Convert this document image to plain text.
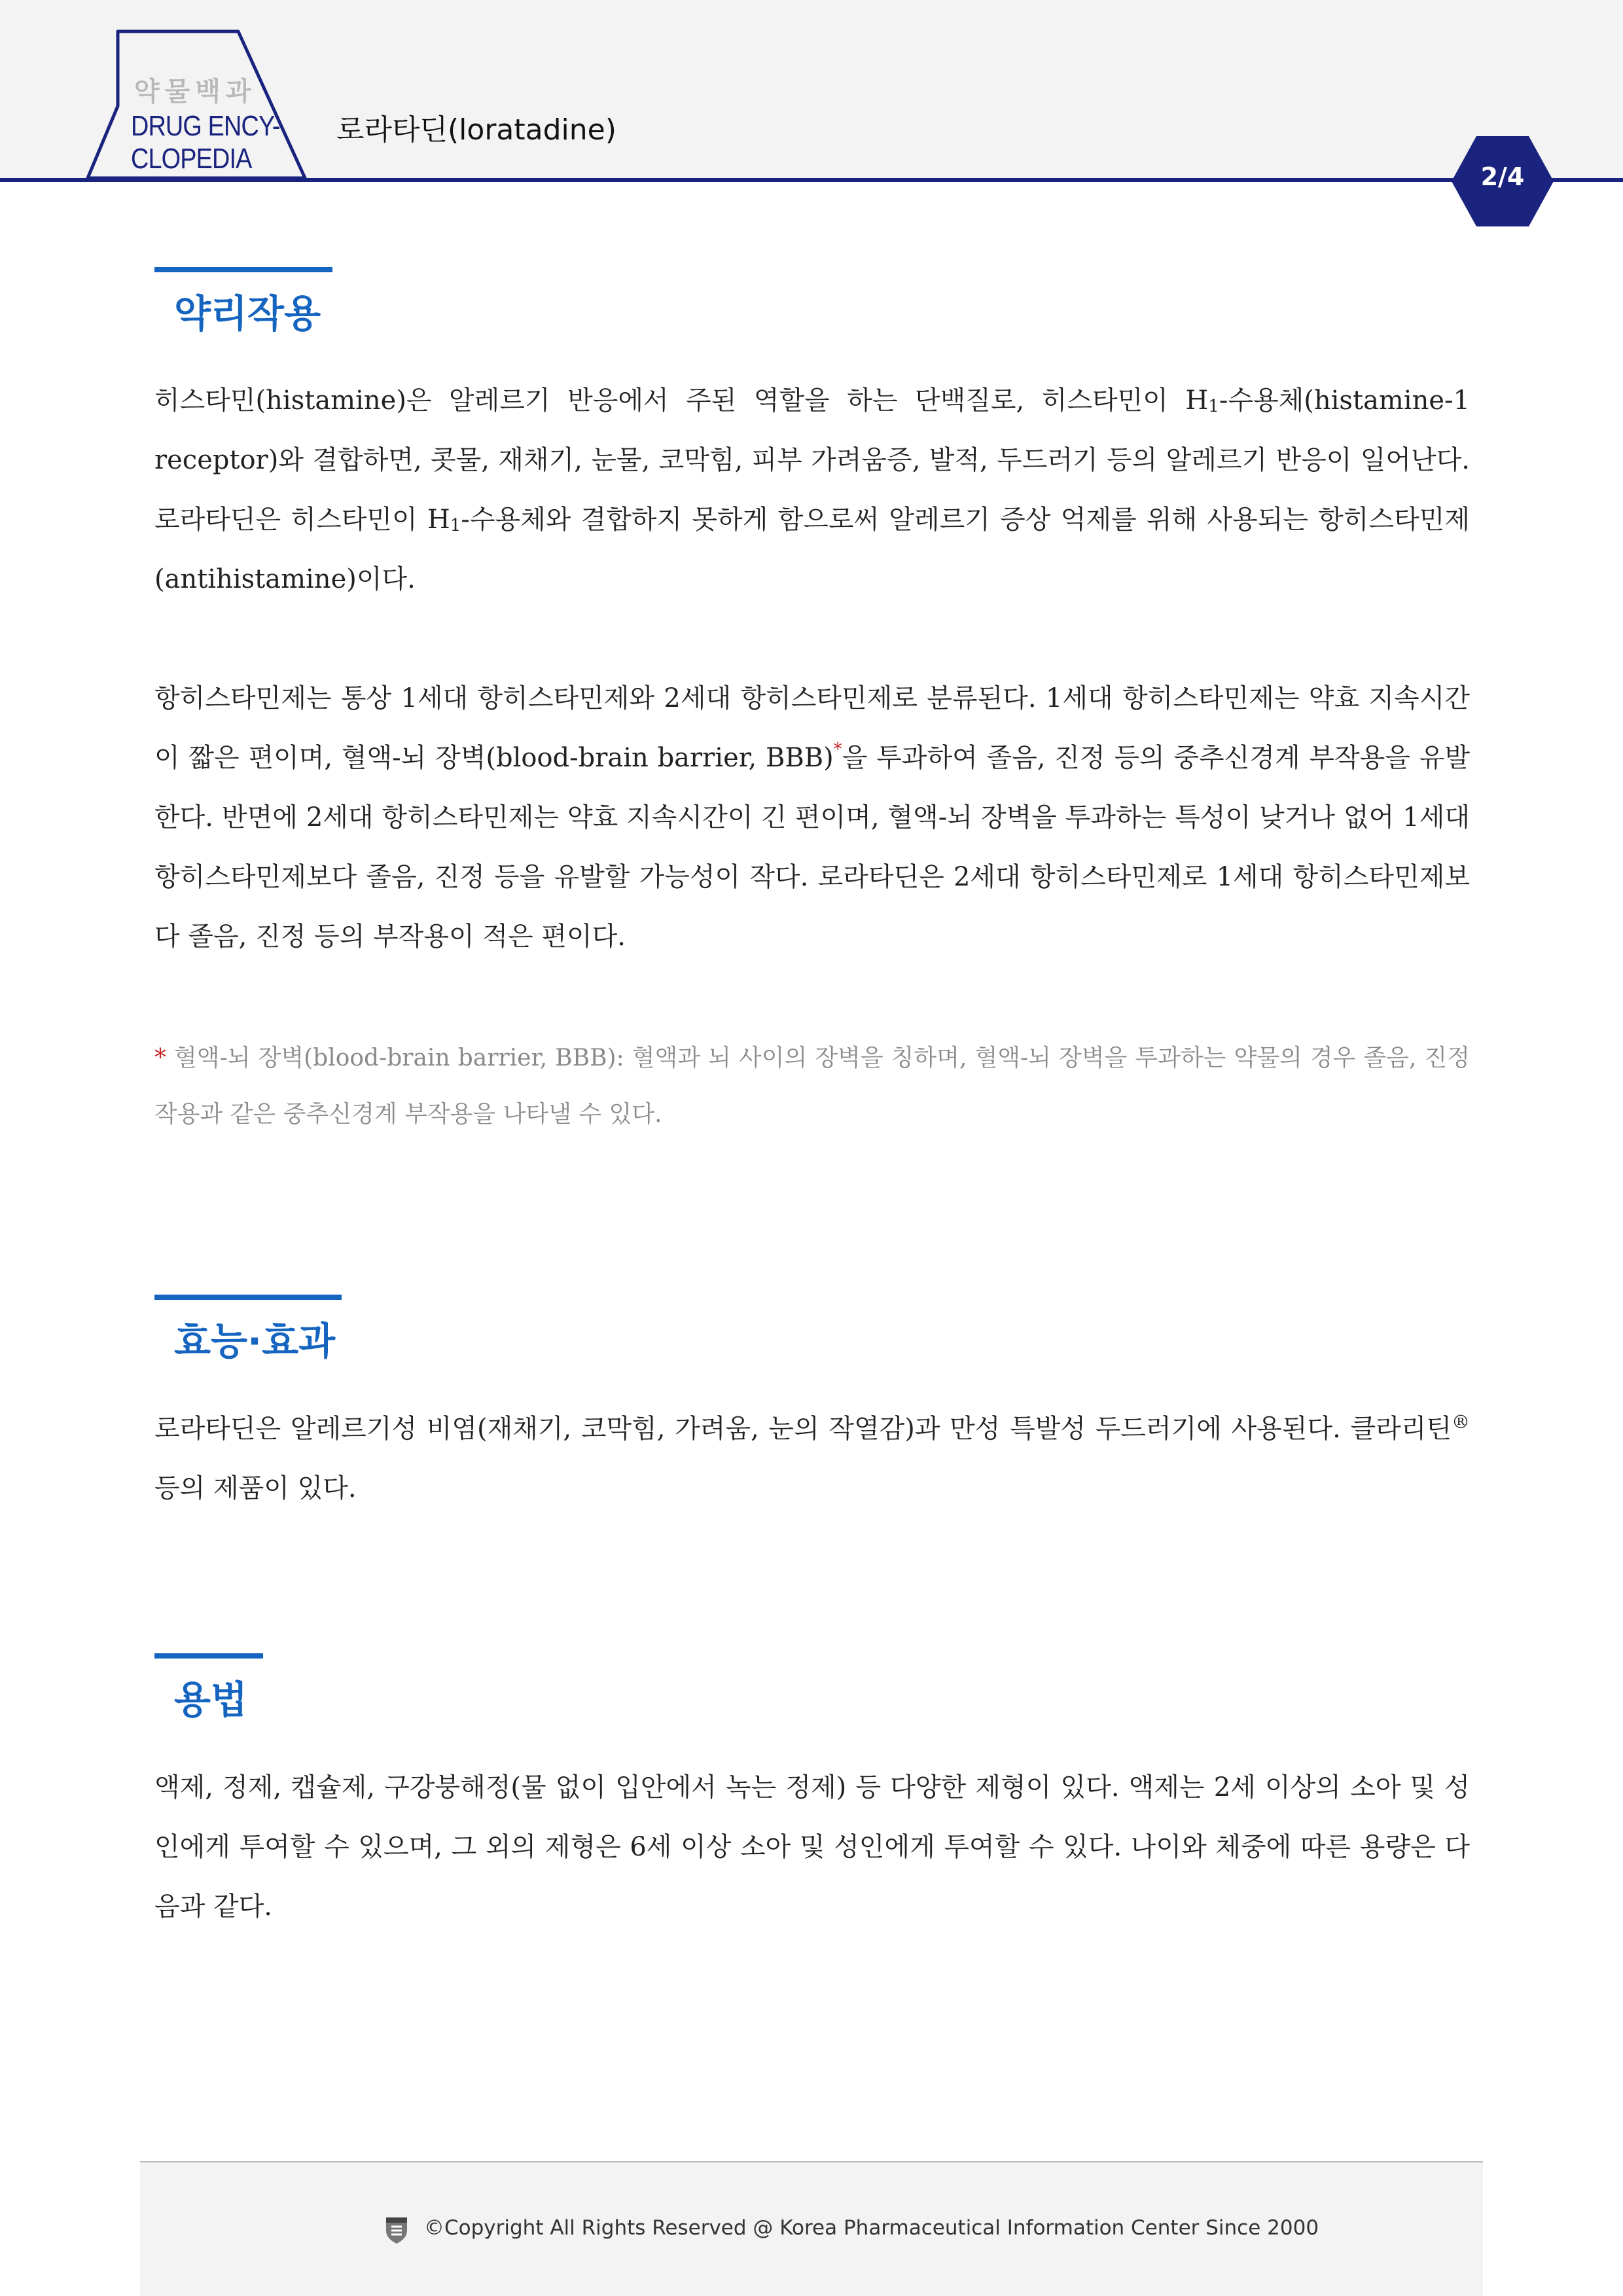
약물백과
DRUG ENCY-
CLOPEDIA
로라타딘(loratadine)
2/4
약리작용
히스타민(histamine)은 알레르기 반응에서 주된 역할을 하는 단백질로, 히스타민이 H1-수용체(histamine-1 receptor)와 결합하면, 콧물, 재채기, 눈물, 코막힘, 피부 가려움증, 발적, 두드러기 등의 알레르기 반응이 일어난다. 로라타딘은 히스타민이 H1-수용체와 결합하지 못하게 함으로써 알레르기 증상 억제를 위해 사용되는 항히스타민제(antihistamine)이다.
항히스타민제는 통상 1세대 항히스타민제와 2세대 항히스타민제로 분류된다. 1세대 항히스타민제는 약효 지속시간이 짧은 편이며, 혈액-뇌 장벽(blood-brain barrier, BBB)*을 투과하여 졸음, 진정 등의 중추신경계 부작용을 유발한다. 반면에 2세대 항히스타민제는 약효 지속시간이 긴 편이며, 혈액-뇌 장벽을 투과하는 특성이 낮거나 없어 1세대 항히스타민제보다 졸음, 진정 등을 유발할 가능성이 작다. 로라타딘은 2세대 항히스타민제로 1세대 항히스타민제보다 졸음, 진정 등의 부작용이 적은 편이다.
* 혈액-뇌 장벽(blood-brain barrier, BBB): 혈액과 뇌 사이의 장벽을 칭하며, 혈액-뇌 장벽을 투과하는 약물의 경우 졸음, 진정작용과 같은 중추신경계 부작용을 나타낼 수 있다.
효능·효과
로라타딘은 알레르기성 비염(재채기, 코막힘, 가려움, 눈의 작열감)과 만성 특발성 두드러기에 사용된다. 클라리틴® 등의 제품이 있다.
용법
액제, 정제, 캡슐제, 구강붕해정(물 없이 입안에서 녹는 정제) 등 다양한 제형이 있다. 액제는 2세 이상의 소아 및 성인에게 투여할 수 있으며, 그 외의 제형은 6세 이상 소아 및 성인에게 투여할 수 있다. 나이와 체중에 따른 용량은 다음과 같다.
©Copyright All Rights Reserved @ Korea Pharmaceutical Information Center Since 2000
